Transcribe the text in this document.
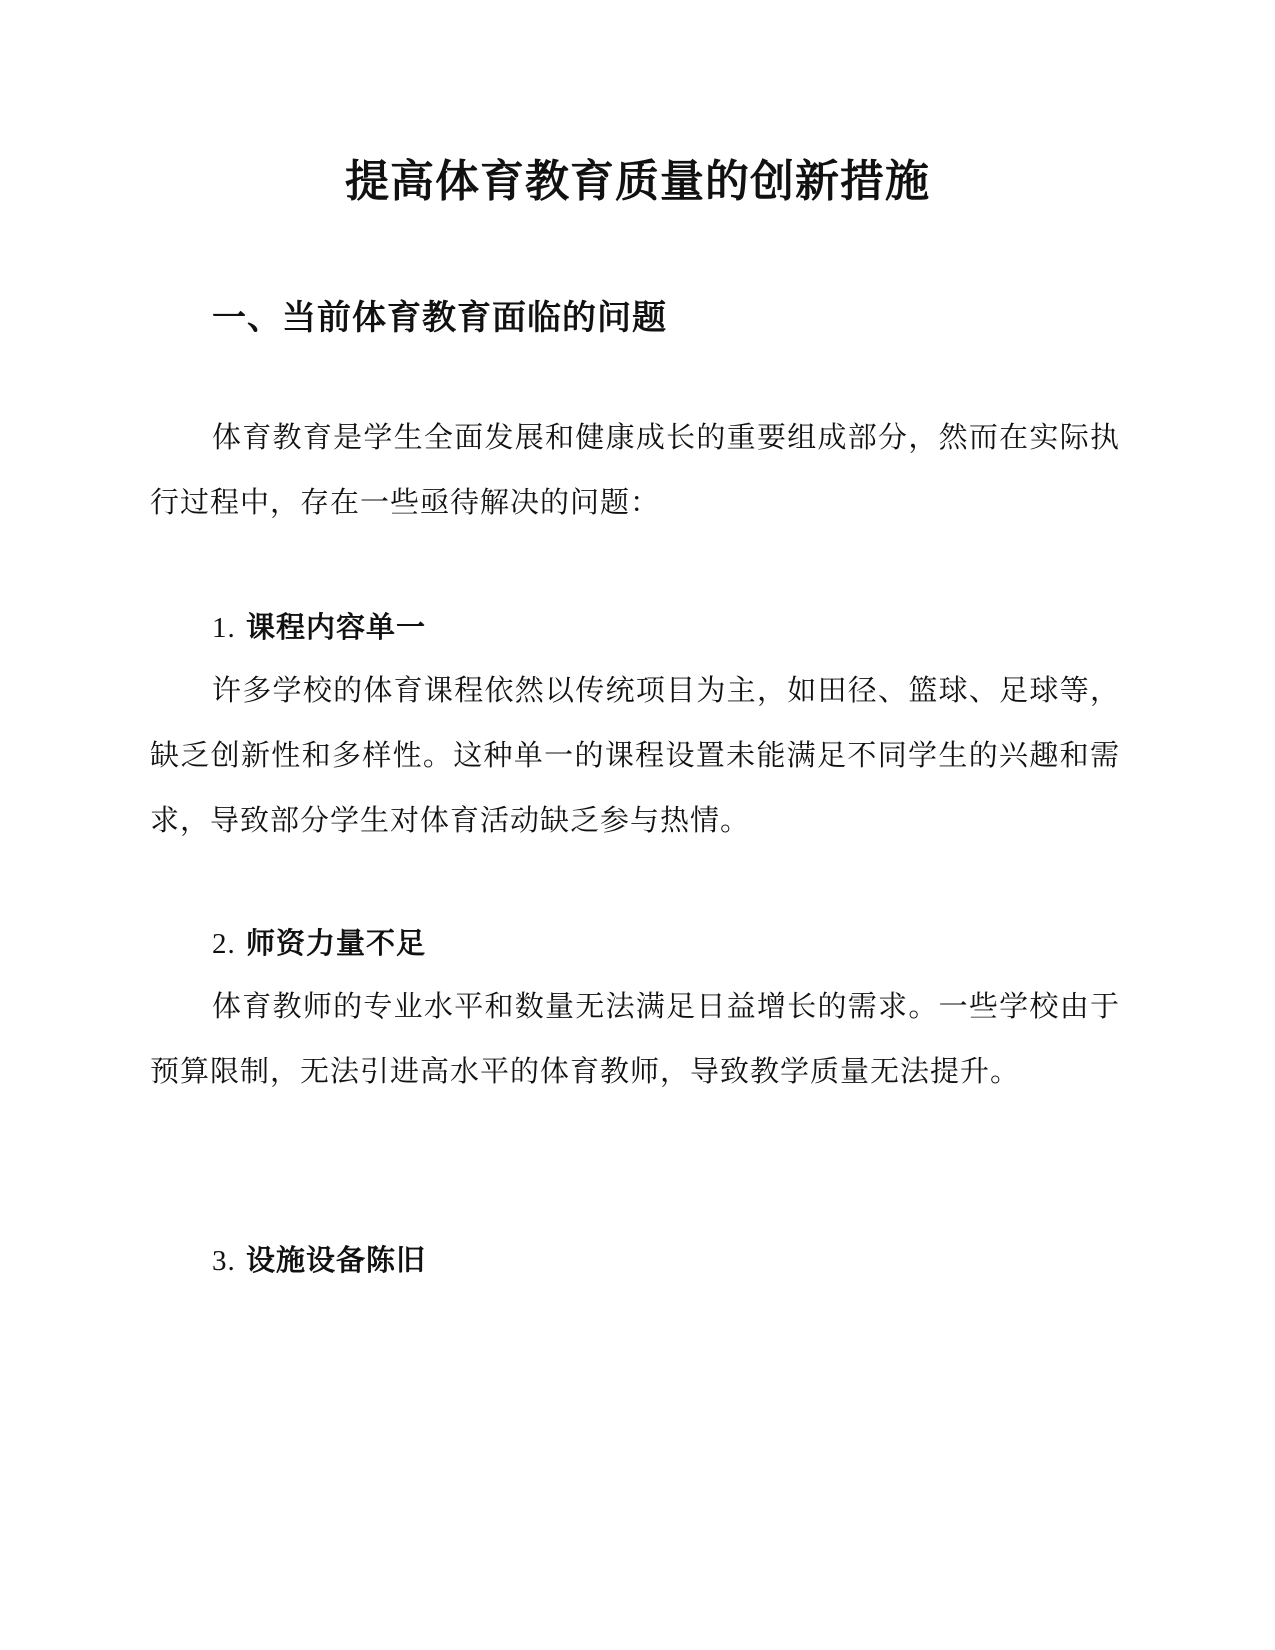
提高体育教育质量的创新措施
一、当前体育教育面临的问题

体育教育是学生全面发展和健康成长的重要组成部分，然而在实际执行过程中，存在一些亟待解决的问题：

1. 课程内容单一

许多学校的体育课程依然以传统项目为主，如田径、篮球、足球等，缺乏创新性和多样性。这种单一的课程设置未能满足不同学生的兴趣和需求，导致部分学生对体育活动缺乏参与热情。

2. 师资力量不足

体育教师的专业水平和数量无法满足日益增长的需求。一些学校由于预算限制，无法引进高水平的体育教师，导致教学质量无法提升。

3. 设施设备陈旧
